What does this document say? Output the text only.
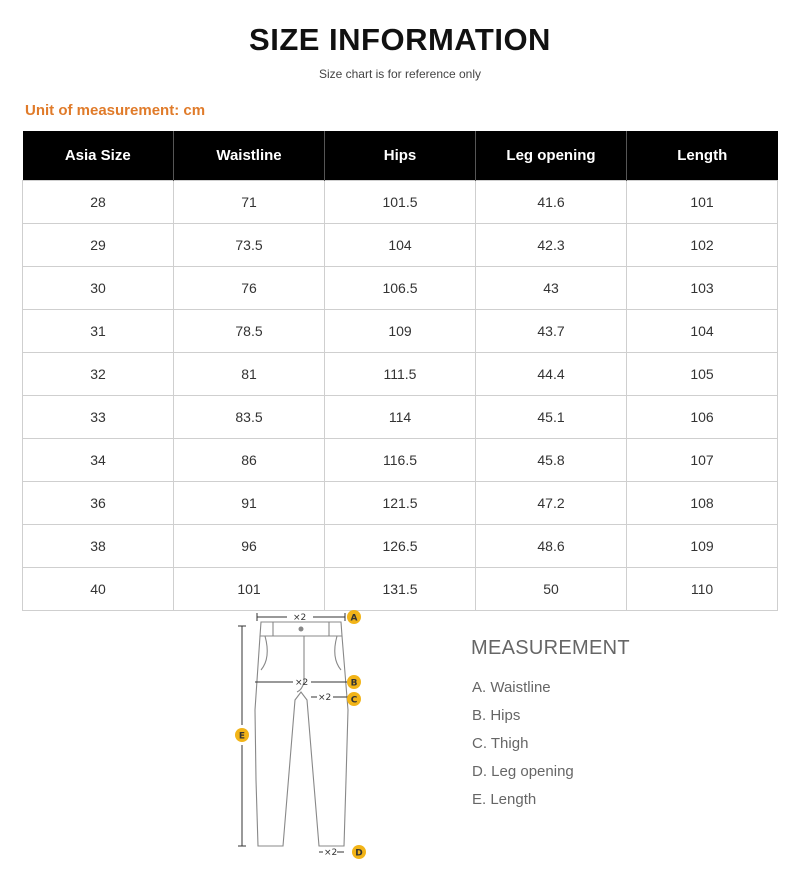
SIZE INFORMATION
Size chart is for reference only
Unit of measurement: cm
Asia Size	Waistline	Hips	Leg opening	Length
28	71	101.5	41.6	101
29	73.5	104	42.3	102
30	76	106.5	43	103
31	78.5	109	43.7	104
32	81	111.5	44.4	105
33	83.5	114	45.1	106
34	86	116.5	45.8	107
36	91	121.5	47.2	108
38	96	126.5	48.6	109
40	101	131.5	50	110
×2
×2
×2
×2
A
B
C
D
E
MEASUREMENT
A. Waistline
B. Hips
C. Thigh
D. Leg opening
E. Length
